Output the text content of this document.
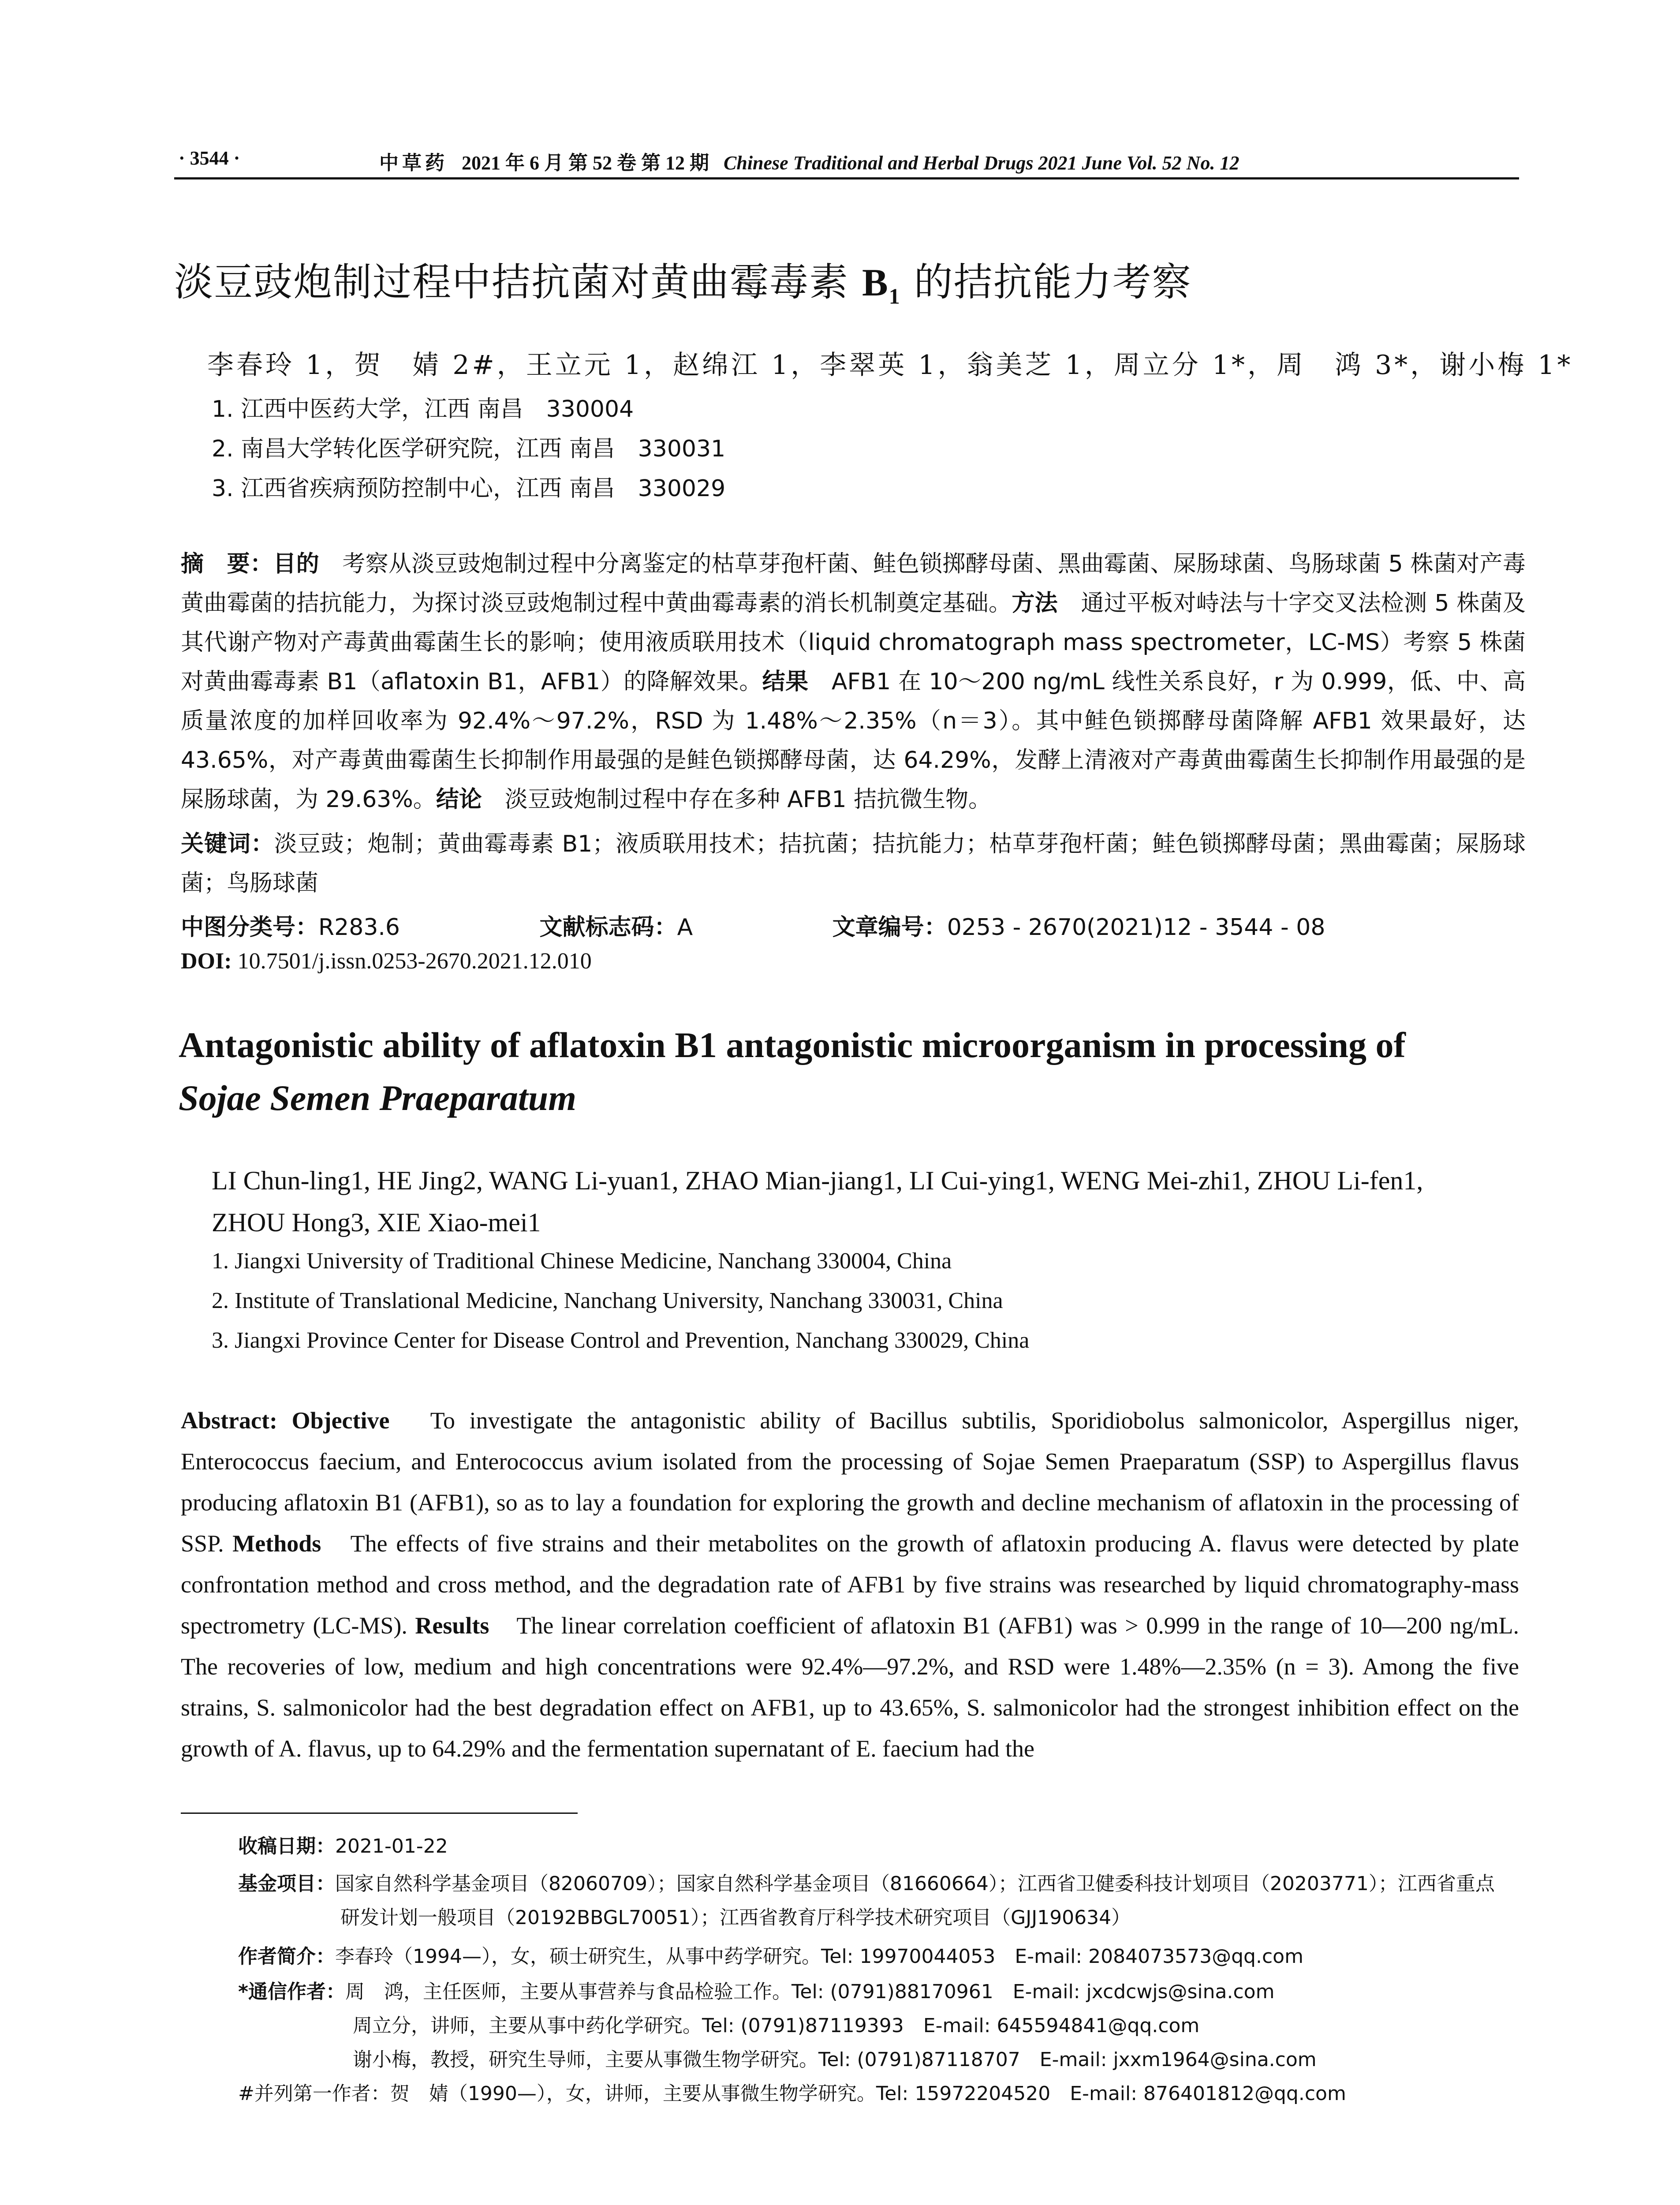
· 3544 ·	中草药 2021 年 6 月 第 52 卷 第 12 期 Chinese Traditional and Herbal Drugs 2021 June Vol. 52 No. 12
淡豆豉炮制过程中拮抗菌对黄曲霉毒素 $B_1$ 的拮抗能力考察
李春玲 1，贺　婧 2#，王立元 1，赵绵江 1，李翠英 1，翁美芝 1，周立分 1*，周　鸿 3*，谢小梅 1*
1. 江西中医药大学，江西 南昌　330004
2. 南昌大学转化医学研究院，江西 南昌　330031
3. 江西省疾病预防控制中心，江西 南昌　330029
摘　要：目的　考察从淡豆豉炮制过程中分离鉴定的枯草芽孢杆菌、鲑色锁掷酵母菌、黑曲霉菌、屎肠球菌、鸟肠球菌 5 株菌对产毒黄曲霉菌的拮抗能力，为探讨淡豆豉炮制过程中黄曲霉毒素的消长机制奠定基础。方法　通过平板对峙法与十字交叉法检测 5 株菌及其代谢产物对产毒黄曲霉菌生长的影响；使用液质联用技术（liquid chromatograph mass spectrometer，LC-MS）考察 5 株菌对黄曲霉毒素 B1（aflatoxin B1，AFB1）的降解效果。结果　AFB1 在 10～200 ng/mL 线性关系良好，r 为 0.999，低、中、高质量浓度的加样回收率为 92.4%～97.2%，RSD 为 1.48%～2.35%（n＝3）。其中鲑色锁掷酵母菌降解 AFB1 效果最好，达 43.65%，对产毒黄曲霉菌生长抑制作用最强的是鲑色锁掷酵母菌，达 64.29%，发酵上清液对产毒黄曲霉菌生长抑制作用最强的是屎肠球菌，为 29.63%。结论　淡豆豉炮制过程中存在多种 AFB1 拮抗微生物。
关键词：淡豆豉；炮制；黄曲霉毒素 B1；液质联用技术；拮抗菌；拮抗能力；枯草芽孢杆菌；鲑色锁掷酵母菌；黑曲霉菌；屎肠球菌；鸟肠球菌
中图分类号：R283.6	文献标志码：A	文章编号：0253 - 2670(2021)12 - 3544 - 08
DOI: 10.7501/j.issn.0253-2670.2021.12.010
Antagonistic ability of aflatoxin B1 antagonistic microorganism in processing of
Sojae Semen Praeparatum
LI Chun-ling1, HE Jing2, WANG Li-yuan1, ZHAO Mian-jiang1, LI Cui-ying1, WENG Mei-zhi1, ZHOU Li-fen1,
ZHOU Hong3, XIE Xiao-mei1
1. Jiangxi University of Traditional Chinese Medicine, Nanchang 330004, China
2. Institute of Translational Medicine, Nanchang University, Nanchang 330031, China
3. Jiangxi Province Center for Disease Control and Prevention, Nanchang 330029, China
Abstract: Objective　To investigate the antagonistic ability of Bacillus subtilis, Sporidiobolus salmonicolor, Aspergillus niger, Enterococcus faecium, and Enterococcus avium isolated from the processing of Sojae Semen Praeparatum (SSP) to Aspergillus flavus producing aflatoxin B1 (AFB1), so as to lay a foundation for exploring the growth and decline mechanism of aflatoxin in the processing of SSP. Methods　The effects of five strains and their metabolites on the growth of aflatoxin producing A. flavus were detected by plate confrontation method and cross method, and the degradation rate of AFB1 by five strains was researched by liquid chromatography-mass spectrometry (LC-MS). Results　The linear correlation coefficient of aflatoxin B1 (AFB1) was > 0.999 in the range of 10—200 ng/mL. The recoveries of low, medium and high concentrations were 92.4%—97.2%, and RSD were 1.48%—2.35% (n = 3). Among the five strains, S. salmonicolor had the best degradation effect on AFB1, up to 43.65%, S. salmonicolor had the strongest inhibition effect on the growth of A. flavus, up to 64.29% and the fermentation supernatant of E. faecium had the
收稿日期：2021-01-22
基金项目：国家自然科学基金项目（82060709）；国家自然科学基金项目（81660664）；江西省卫健委科技计划项目（20203771）；江西省重点
研发计划一般项目（20192BBGL70051）；江西省教育厅科学技术研究项目（GJJ190634）
作者简介：李春玲（1994—），女，硕士研究生，从事中药学研究。Tel: 19970044053　E-mail: 2084073573@qq.com
*通信作者：周　鸿，主任医师，主要从事营养与食品检验工作。Tel: (0791)88170961　E-mail: jxcdcwjs@sina.com
周立分，讲师，主要从事中药化学研究。Tel: (0791)87119393　E-mail: 645594841@qq.com
谢小梅，教授，研究生导师，主要从事微生物学研究。Tel: (0791)87118707　E-mail: jxxm1964@sina.com
#并列第一作者：贺　婧（1990—），女，讲师，主要从事微生物学研究。Tel: 15972204520　E-mail: 876401812@qq.com
